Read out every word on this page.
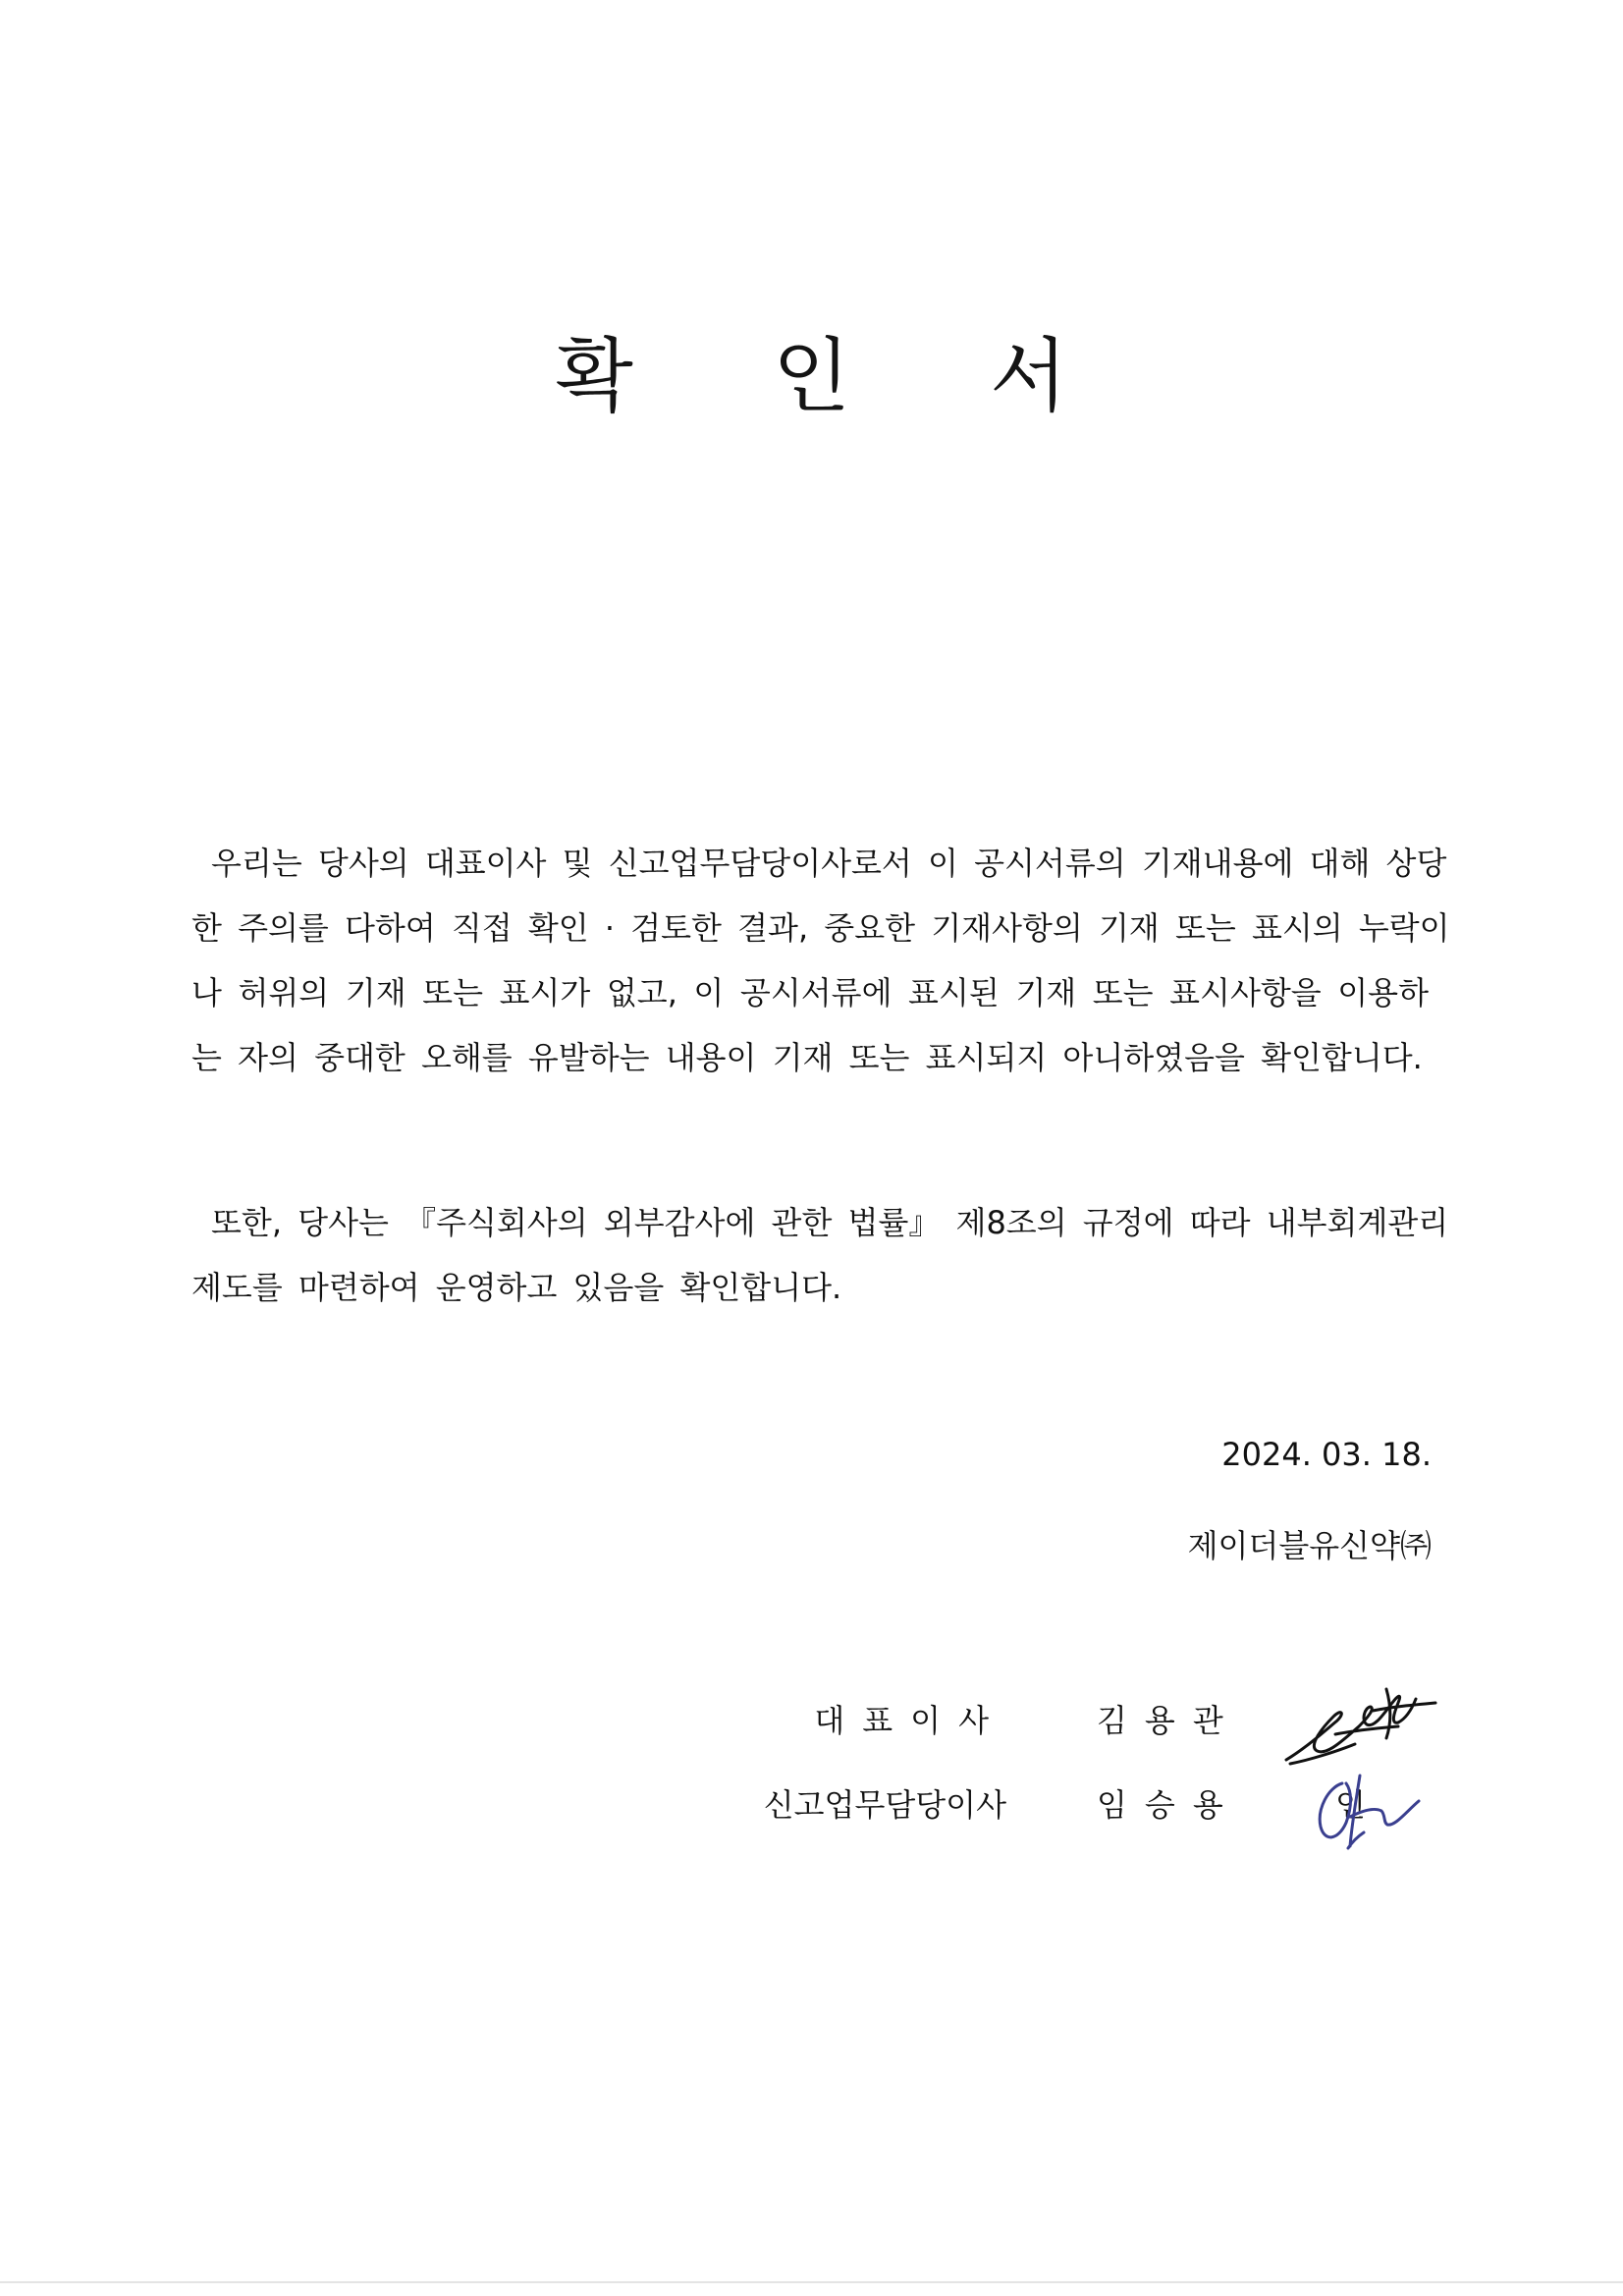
확 인 서
우리는 당사의 대표이사 및 신고업무담당이사로서 이 공시서류의 기재내용에 대해 상당
한 주의를 다하여 직접 확인 · 검토한 결과, 중요한 기재사항의 기재 또는 표시의 누락이
나 허위의 기재 또는 표시가 없고, 이 공시서류에 표시된 기재 또는 표시사항을 이용하
는 자의 중대한 오해를 유발하는 내용이 기재 또는 표시되지 아니하였음을 확인합니다.
또한, 당사는 『주식회사의 외부감사에 관한 법률』 제8조의 규정에 따라 내부회계관리
제도를 마련하여 운영하고 있음을 확인합니다.
2024. 03. 18.
제이더블유신약㈜
대표이사	김용관
신고업무담당이사	임승용	인
